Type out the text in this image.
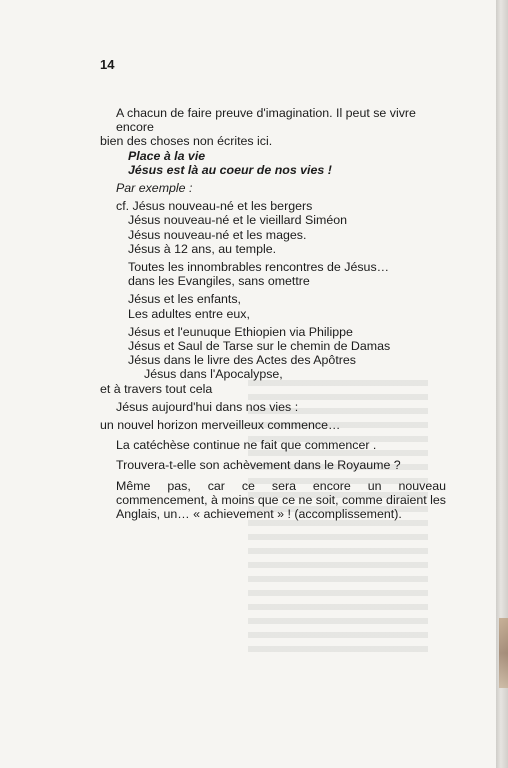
14

A chacun de faire preuve d'imagination. Il peut se vivre encore

bien des choses non écrites ici.

Place à la vie

Jésus est là au coeur de nos vies !

Par exemple :

cf. Jésus nouveau-né et les bergers

Jésus nouveau-né et le vieillard Siméon

Jésus nouveau-né et les mages.

Jésus à 12 ans, au temple.

Toutes les innombrables rencontres de Jésus…

dans les Evangiles, sans omettre

Jésus et les enfants,

Les adultes entre eux,

Jésus et l'eunuque Ethiopien via Philippe

Jésus et Saul de Tarse sur le chemin de Damas

Jésus dans le livre des Actes des Apôtres

Jésus dans l'Apocalypse,

et à travers tout cela

Jésus aujourd'hui dans nos vies :

un nouvel horizon merveilleux commence…

La catéchèse continue ne fait que commencer .

Trouvera-t-elle son achèvement dans le Royaume ?

Même pas, car ce sera encore un nouveau commencement, à moins que ce ne soit, comme diraient les Anglais, un… « achievement » ! (accomplissement).
